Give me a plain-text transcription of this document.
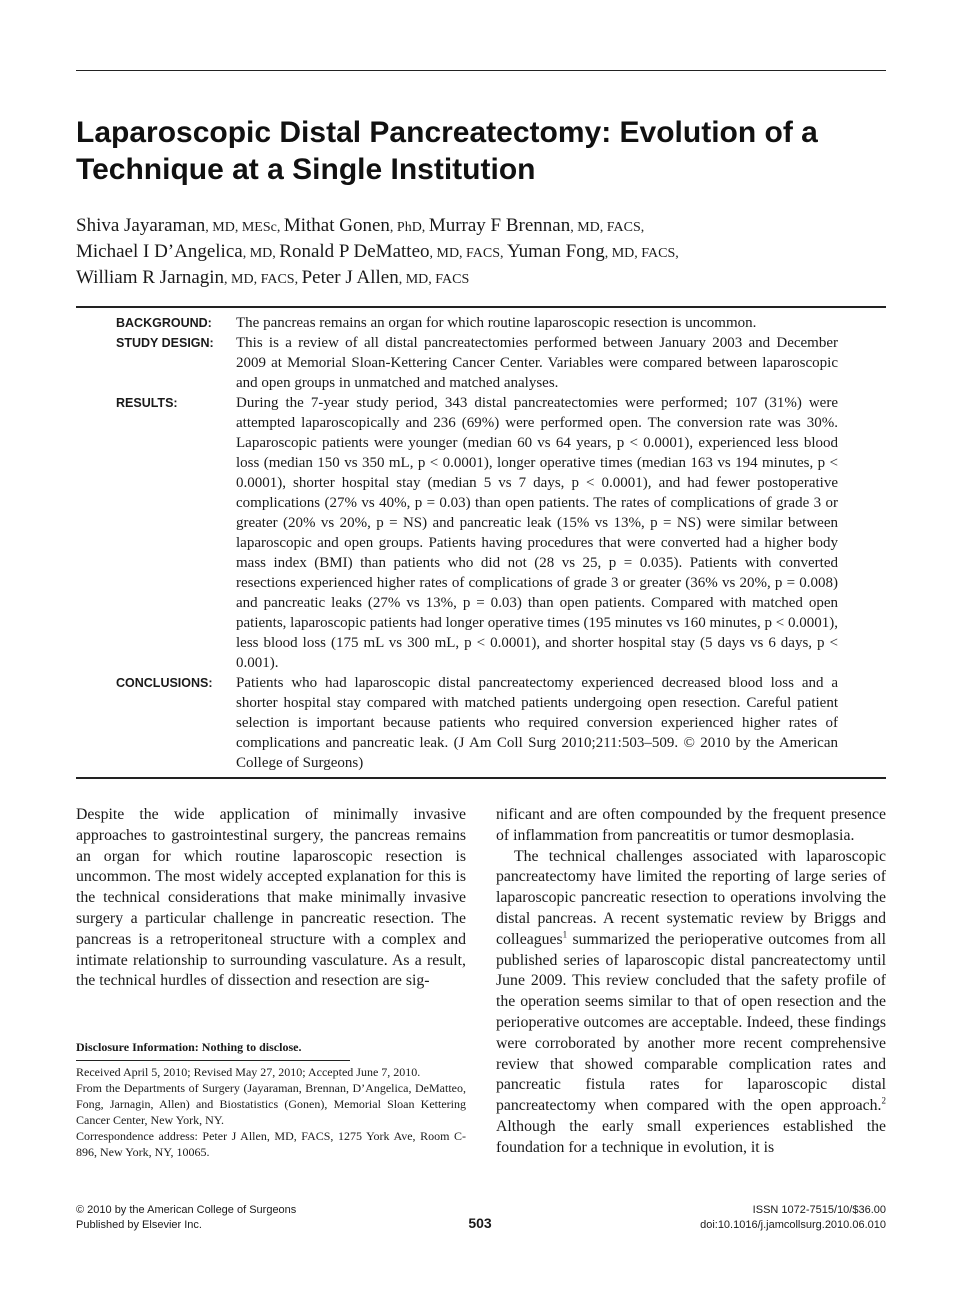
Laparoscopic Distal Pancreatectomy: Evolution of a Technique at a Single Institution
Shiva Jayaraman, MD, MESc, Mithat Gonen, PhD, Murray F Brennan, MD, FACS,
Michael I D’Angelica, MD, Ronald P DeMatteo, MD, FACS, Yuman Fong, MD, FACS,
William R Jarnagin, MD, FACS, Peter J Allen, MD, FACS
BACKGROUND: The pancreas remains an organ for which routine laparoscopic resection is uncommon.
STUDY DESIGN: This is a review of all distal pancreatectomies performed between January 2003 and December 2009 at Memorial Sloan-Kettering Cancer Center. Variables were compared between laparoscopic and open groups in unmatched and matched analyses.
RESULTS:	During the 7-year study period, 343 distal pancreatectomies were performed; 107 (31%) were attempted laparoscopically and 236 (69%) were performed open. The conversion rate was 30%. Laparoscopic patients were younger (median 60 vs 64 years, p < 0.0001), experienced less blood loss (median 150 vs 350 mL, p < 0.0001), longer operative times (median 163 vs 194 minutes, p < 0.0001), shorter hospital stay (median 5 vs 7 days, p < 0.0001), and had fewer postoperative complications (27% vs 40%, p = 0.03) than open patients. The rates of complications of grade 3 or greater (20% vs 20%, p = NS) and pancreatic leak (15% vs 13%, p = NS) were similar between laparoscopic and open groups. Patients having procedures that were converted had a higher body mass index (BMI) than patients who did not (28 vs 25, p = 0.035). Patients with converted resections experienced higher rates of complications of grade 3 or greater (36% vs 20%, p = 0.008) and pancreatic leaks (27% vs 13%, p = 0.03) than open patients. Compared with matched open patients, laparoscopic patients had longer operative times (195 minutes vs 160 minutes, p < 0.0001), less blood loss (175 mL vs 300 mL, p < 0.0001), and shorter hospital stay (5 days vs 6 days, p < 0.001).
CONCLUSIONS: Patients who had laparoscopic distal pancreatectomy experienced decreased blood loss and a shorter hospital stay compared with matched patients undergoing open resection. Careful patient selection is important because patients who required conversion experienced higher rates of complications and pancreatic leak. (J Am Coll Surg 2010;211:503–509. © 2010 by the American College of Surgeons)

Despite the wide application of minimally invasive approaches to gastrointestinal surgery, the pancreas remains an organ for which routine laparoscopic resection is uncommon. The most widely accepted explanation for this is the technical considerations that make minimally invasive surgery a particular challenge in pancreatic resection. The pancreas is a retroperitoneal structure with a complex and intimate relationship to surrounding vasculature. As a result, the technical hurdles of dissection and resection are sig-

nificant and are often compounded by the frequent presence of inflammation from pancreatitis or tumor desmoplasia.

The technical challenges associated with laparoscopic pancreatectomy have limited the reporting of large series of laparoscopic pancreatic resection to operations involving the distal pancreas. A recent systematic review by Briggs and colleagues$^1$ summarized the perioperative outcomes from all published series of laparoscopic distal pancreatectomy until June 2009. This review concluded that the safety profile of the operation seems similar to that of open resection and the perioperative outcomes are acceptable. Indeed, these findings were corroborated by another more recent comprehensive review that showed comparable complication rates and pancreatic fistula rates for laparoscopic distal pancreatectomy when compared with the open approach.$^2$ Although the early small experiences established the foundation for a technique in evolution, it is

Disclosure Information: Nothing to disclose.
Received April 5, 2010; Revised May 27, 2010; Accepted June 7, 2010.
From the Departments of Surgery (Jayaraman, Brennan, D’Angelica, DeMatteo, Fong, Jarnagin, Allen) and Biostatistics (Gonen), Memorial Sloan Kettering Cancer Center, New York, NY.
Correspondence address: Peter J Allen, MD, FACS, 1275 York Ave, Room C-896, New York, NY, 10065.
© 2010 by the American College of Surgeons
Published by Elsevier Inc.	503
ISSN 1072-7515/10/$36.00
doi:10.1016/j.jamcollsurg.2010.06.010
